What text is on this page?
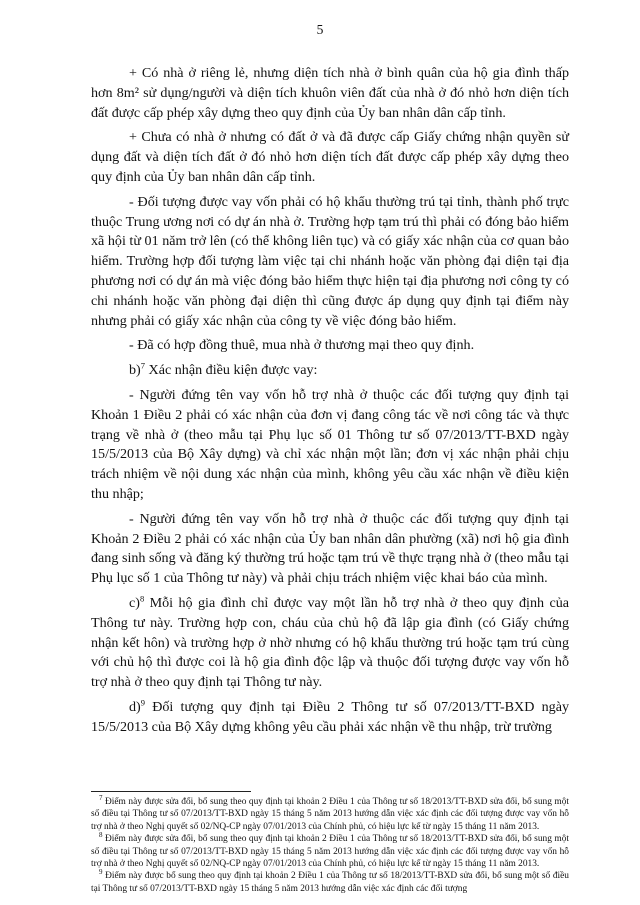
5

+ Có nhà ở riêng lẻ, nhưng diện tích nhà ở bình quân của hộ gia đình thấp hơn 8m² sử dụng/người và diện tích khuôn viên đất của nhà ở đó nhỏ hơn diện tích đất được cấp phép xây dựng theo quy định của Ủy ban nhân dân cấp tỉnh.

+ Chưa có nhà ở nhưng có đất ở và đã được cấp Giấy chứng nhận quyền sử dụng đất và diện tích đất ở đó nhỏ hơn diện tích đất được cấp phép xây dựng theo quy định của Ủy ban nhân dân cấp tỉnh.

- Đối tượng được vay vốn phải có hộ khẩu thường trú tại tỉnh, thành phố trực thuộc Trung ương nơi có dự án nhà ở. Trường hợp tạm trú thì phải có đóng bảo hiểm xã hội từ 01 năm trở lên (có thể không liên tục) và có giấy xác nhận của cơ quan bảo hiểm. Trường hợp đối tượng làm việc tại chi nhánh hoặc văn phòng đại diện tại địa phương nơi có dự án mà việc đóng bảo hiểm thực hiện tại địa phương nơi công ty có chi nhánh hoặc văn phòng đại diện thì cũng được áp dụng quy định tại điểm này nhưng phải có giấy xác nhận của công ty về việc đóng bảo hiểm.

- Đã có hợp đồng thuê, mua nhà ở thương mại theo quy định.

b)$^7$ Xác nhận điều kiện được vay:

- Người đứng tên vay vốn hỗ trợ nhà ở thuộc các đối tượng quy định tại Khoản 1 Điều 2 phải có xác nhận của đơn vị đang công tác về nơi công tác và thực trạng về nhà ở (theo mẫu tại Phụ lục số 01 Thông tư số 07/2013/TT-BXD ngày 15/5/2013 của Bộ Xây dựng) và chỉ xác nhận một lần; đơn vị xác nhận phải chịu trách nhiệm về nội dung xác nhận của mình, không yêu cầu xác nhận về điều kiện thu nhập;

- Người đứng tên vay vốn hỗ trợ nhà ở thuộc các đối tượng quy định tại Khoản 2 Điều 2 phải có xác nhận của Ủy ban nhân dân phường (xã) nơi hộ gia đình đang sinh sống và đăng ký thường trú hoặc tạm trú về thực trạng nhà ở (theo mẫu tại Phụ lục số 1 của Thông tư này) và phải chịu trách nhiệm việc khai báo của mình.

c)$^8$ Mỗi hộ gia đình chỉ được vay một lần hỗ trợ nhà ở theo quy định của Thông tư này. Trường hợp con, cháu của chủ hộ đã lập gia đình (có Giấy chứng nhận kết hôn) và trường hợp ở nhờ nhưng có hộ khẩu thường trú hoặc tạm trú cùng với chủ hộ thì được coi là hộ gia đình độc lập và thuộc đối tượng được vay vốn hỗ trợ nhà ở theo quy định tại Thông tư này.

d)$^9$ Đối tượng quy định tại Điều 2 Thông tư số 07/2013/TT-BXD ngày 15/5/2013 của Bộ Xây dựng không yêu cầu phải xác nhận về thu nhập, trừ trường

$^7$ Điểm này được sửa đổi, bổ sung theo quy định tại khoản 2 Điều 1 của Thông tư số 18/2013/TT-BXD sửa đổi, bổ sung một số điều tại Thông tư số 07/2013/TT-BXD ngày 15 tháng 5 năm 2013 hướng dẫn việc xác định các đối tượng được vay vốn hỗ trợ nhà ở theo Nghị quyết số 02/NQ-CP ngày 07/01/2013 của Chính phủ, có hiệu lực kể từ ngày 15 tháng 11 năm 2013.

$^8$ Điểm này được sửa đổi, bổ sung theo quy định tại khoản 2 Điều 1 của Thông tư số 18/2013/TT-BXD sửa đổi, bổ sung một số điều tại Thông tư số 07/2013/TT-BXD ngày 15 tháng 5 năm 2013 hướng dẫn việc xác định các đối tượng được vay vốn hỗ trợ nhà ở theo Nghị quyết số 02/NQ-CP ngày 07/01/2013 của Chính phủ, có hiệu lực kể từ ngày 15 tháng 11 năm 2013.

$^9$ Điểm này được bổ sung theo quy định tại khoản 2 Điều 1 của Thông tư số 18/2013/TT-BXD sửa đổi, bổ sung một số điều tại Thông tư số 07/2013/TT-BXD ngày 15 tháng 5 năm 2013 hướng dẫn việc xác định các đối tượng
